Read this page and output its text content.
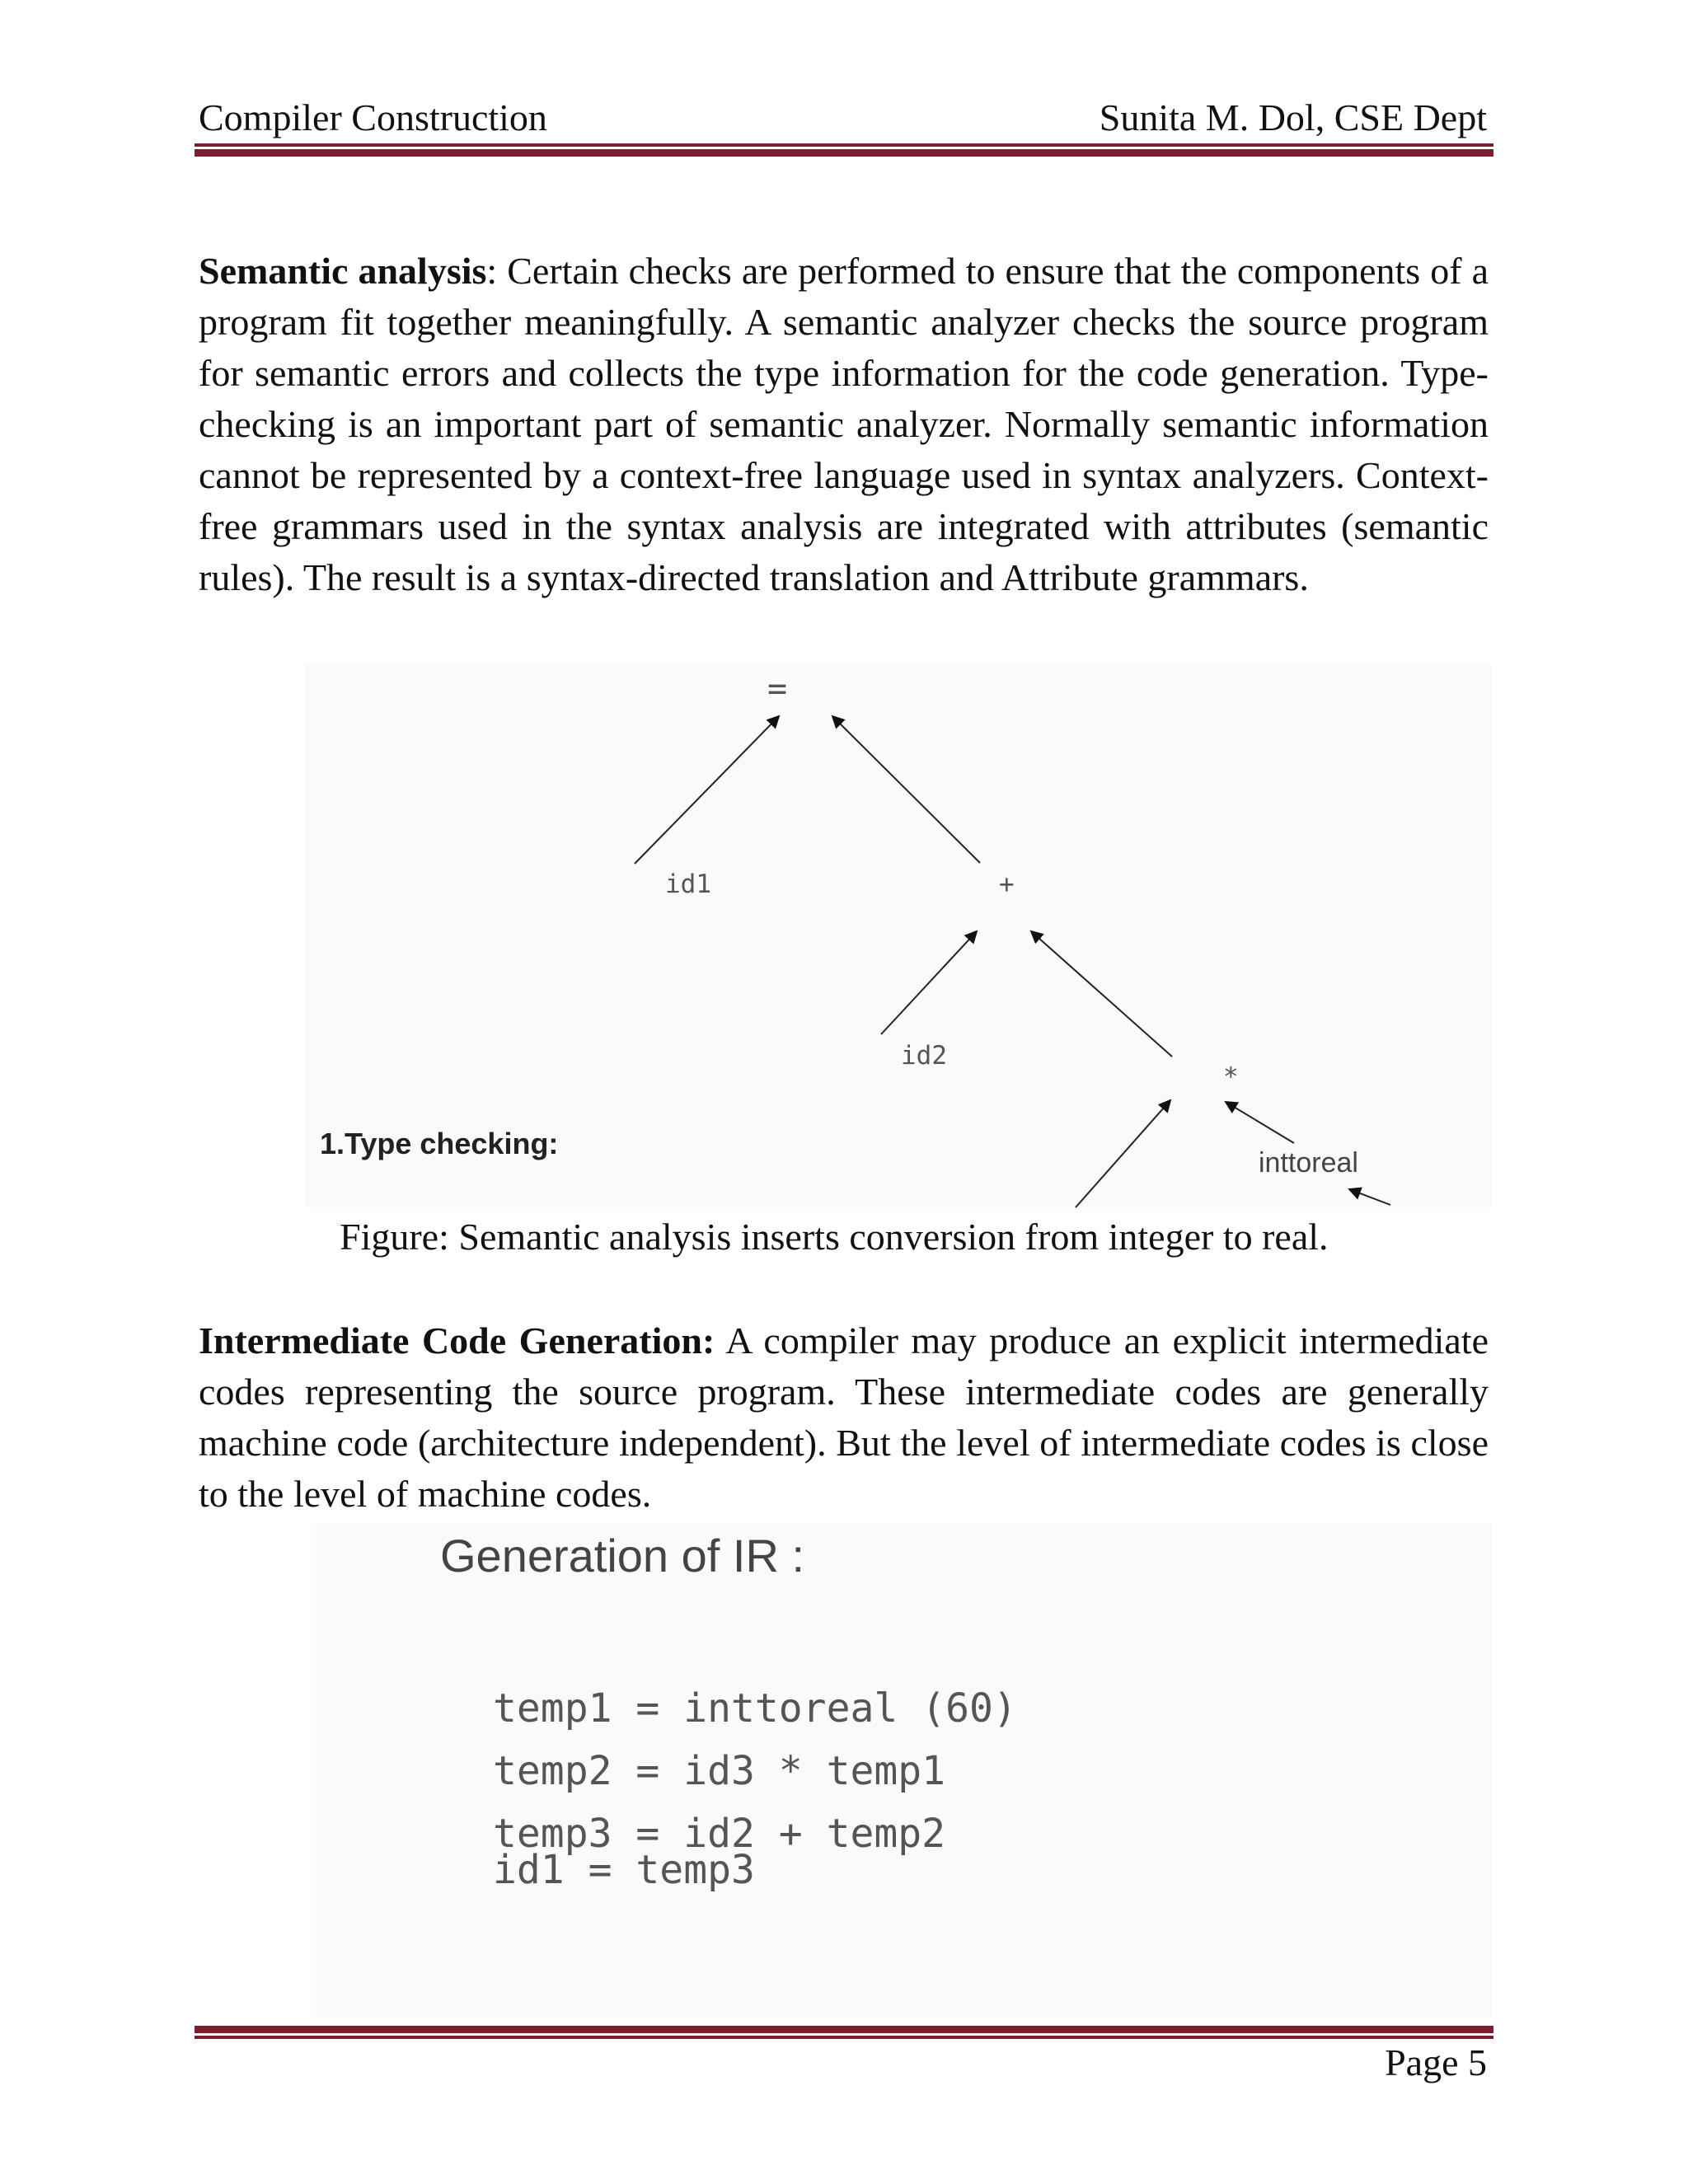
Compiler Construction	Sunita M. Dol, CSE Dept
Semantic analysis: Certain checks are performed to ensure that the components of a program fit together meaningfully. A semantic analyzer checks the source program for semantic errors and collects the type information for the code generation. Type-checking is an important part of semantic analyzer. Normally semantic information cannot be represented by a context-free language used in syntax analyzers. Context-free grammars used in the syntax analysis are integrated with attributes (semantic rules). The result is a syntax-directed translation and Attribute grammars.
=
id1	+
id2
*
inttoreal
1.Type checking:
Figure: Semantic analysis inserts conversion from integer to real.
Intermediate Code Generation: A compiler may produce an explicit intermediate codes representing the source program. These intermediate codes are generally machine code (architecture independent). But the level of intermediate codes is close to the level of machine codes.
Generation of IR :
temp1 = inttoreal (60)
temp2 = id3 * temp1
temp3 = id2 + temp2
id1 = temp3
Page 5
